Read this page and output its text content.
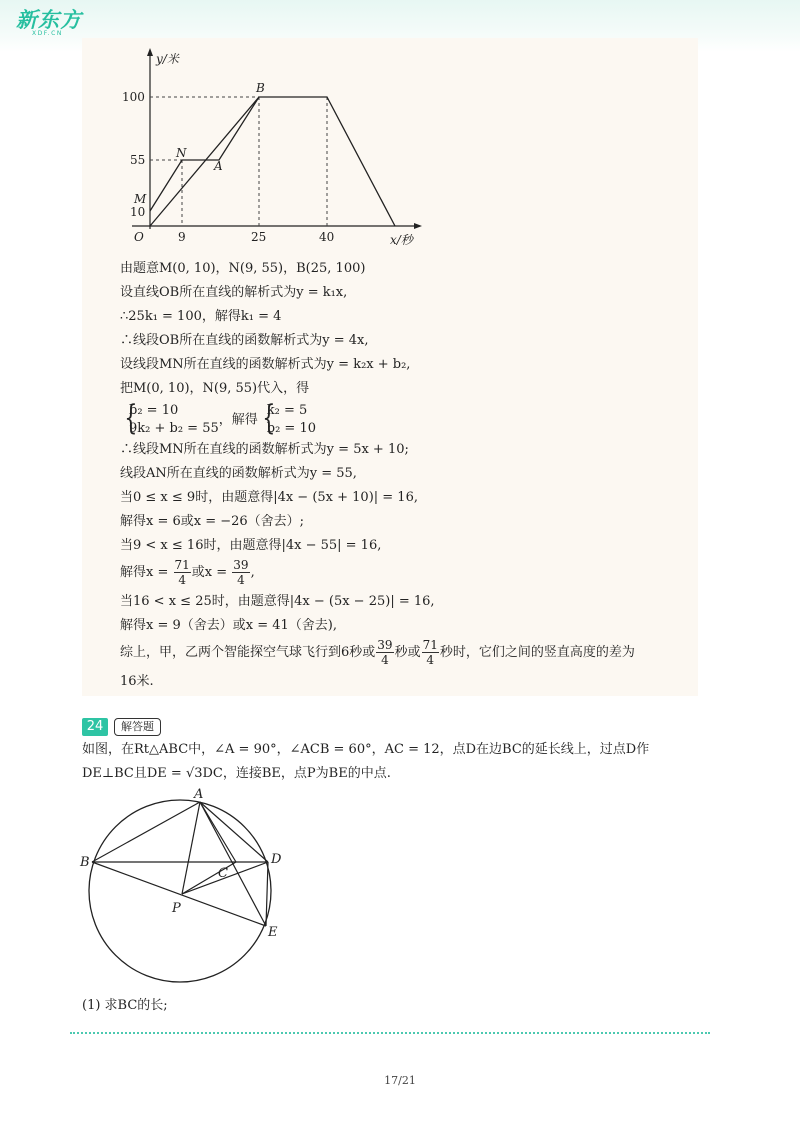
新东方
XDF.CN
y/米
x/秒
O
100
55
10
9	25	40
B
N
A
M
由题意M(0, 10)，N(9, 55)，B(25, 100)
设直线OB所在直线的解析式为y = k₁x,
∴25k₁ = 100，解得k₁ = 4
∴线段OB所在直线的函数解析式为y = 4x,
设线段MN所在直线的函数解析式为y = k₂x + b₂,
把M(0, 10)，N(9, 55)代入，得
{
b₂ = 10
9k₂ + b₂ = 55
，解得 {
k₂ = 5
b₂ = 10
∴线段MN所在直线的函数解析式为y = 5x + 10;
线段AN所在直线的函数解析式为y = 55,
当0 ≤ x ≤ 9时，由题意得|4x − (5x + 10)| = 16,
解得x = 6或x = −26（舍去）;
当9 < x ≤ 16时，由题意得|4x − 55| = 16,
解得$x = \frac{71}{4}$ 或$x = \frac{39}{4}$ ,
当16 < x ≤ 25时，由题意得|4x − (5x − 25)| = 16,
解得x = 9（舍去）或x = 41（舍去),
综上，甲，乙两个智能探空气球飞行到6秒或 $\frac{39}{4}$ 秒或 $\frac{71}{4}$ 秒时，它们之间的竖直高度的差为
16米.
24	解答题
如图，在Rt△ABC中，∠A = 90°，∠ACB = 60°，AC = 12，点D在边BC的延长线上，过点D作
DE⊥BC且DE = √3DC，连接BE，点P为BE的中点.
A
B
C
D
E
P
(1) 求BC的长;
17/21
